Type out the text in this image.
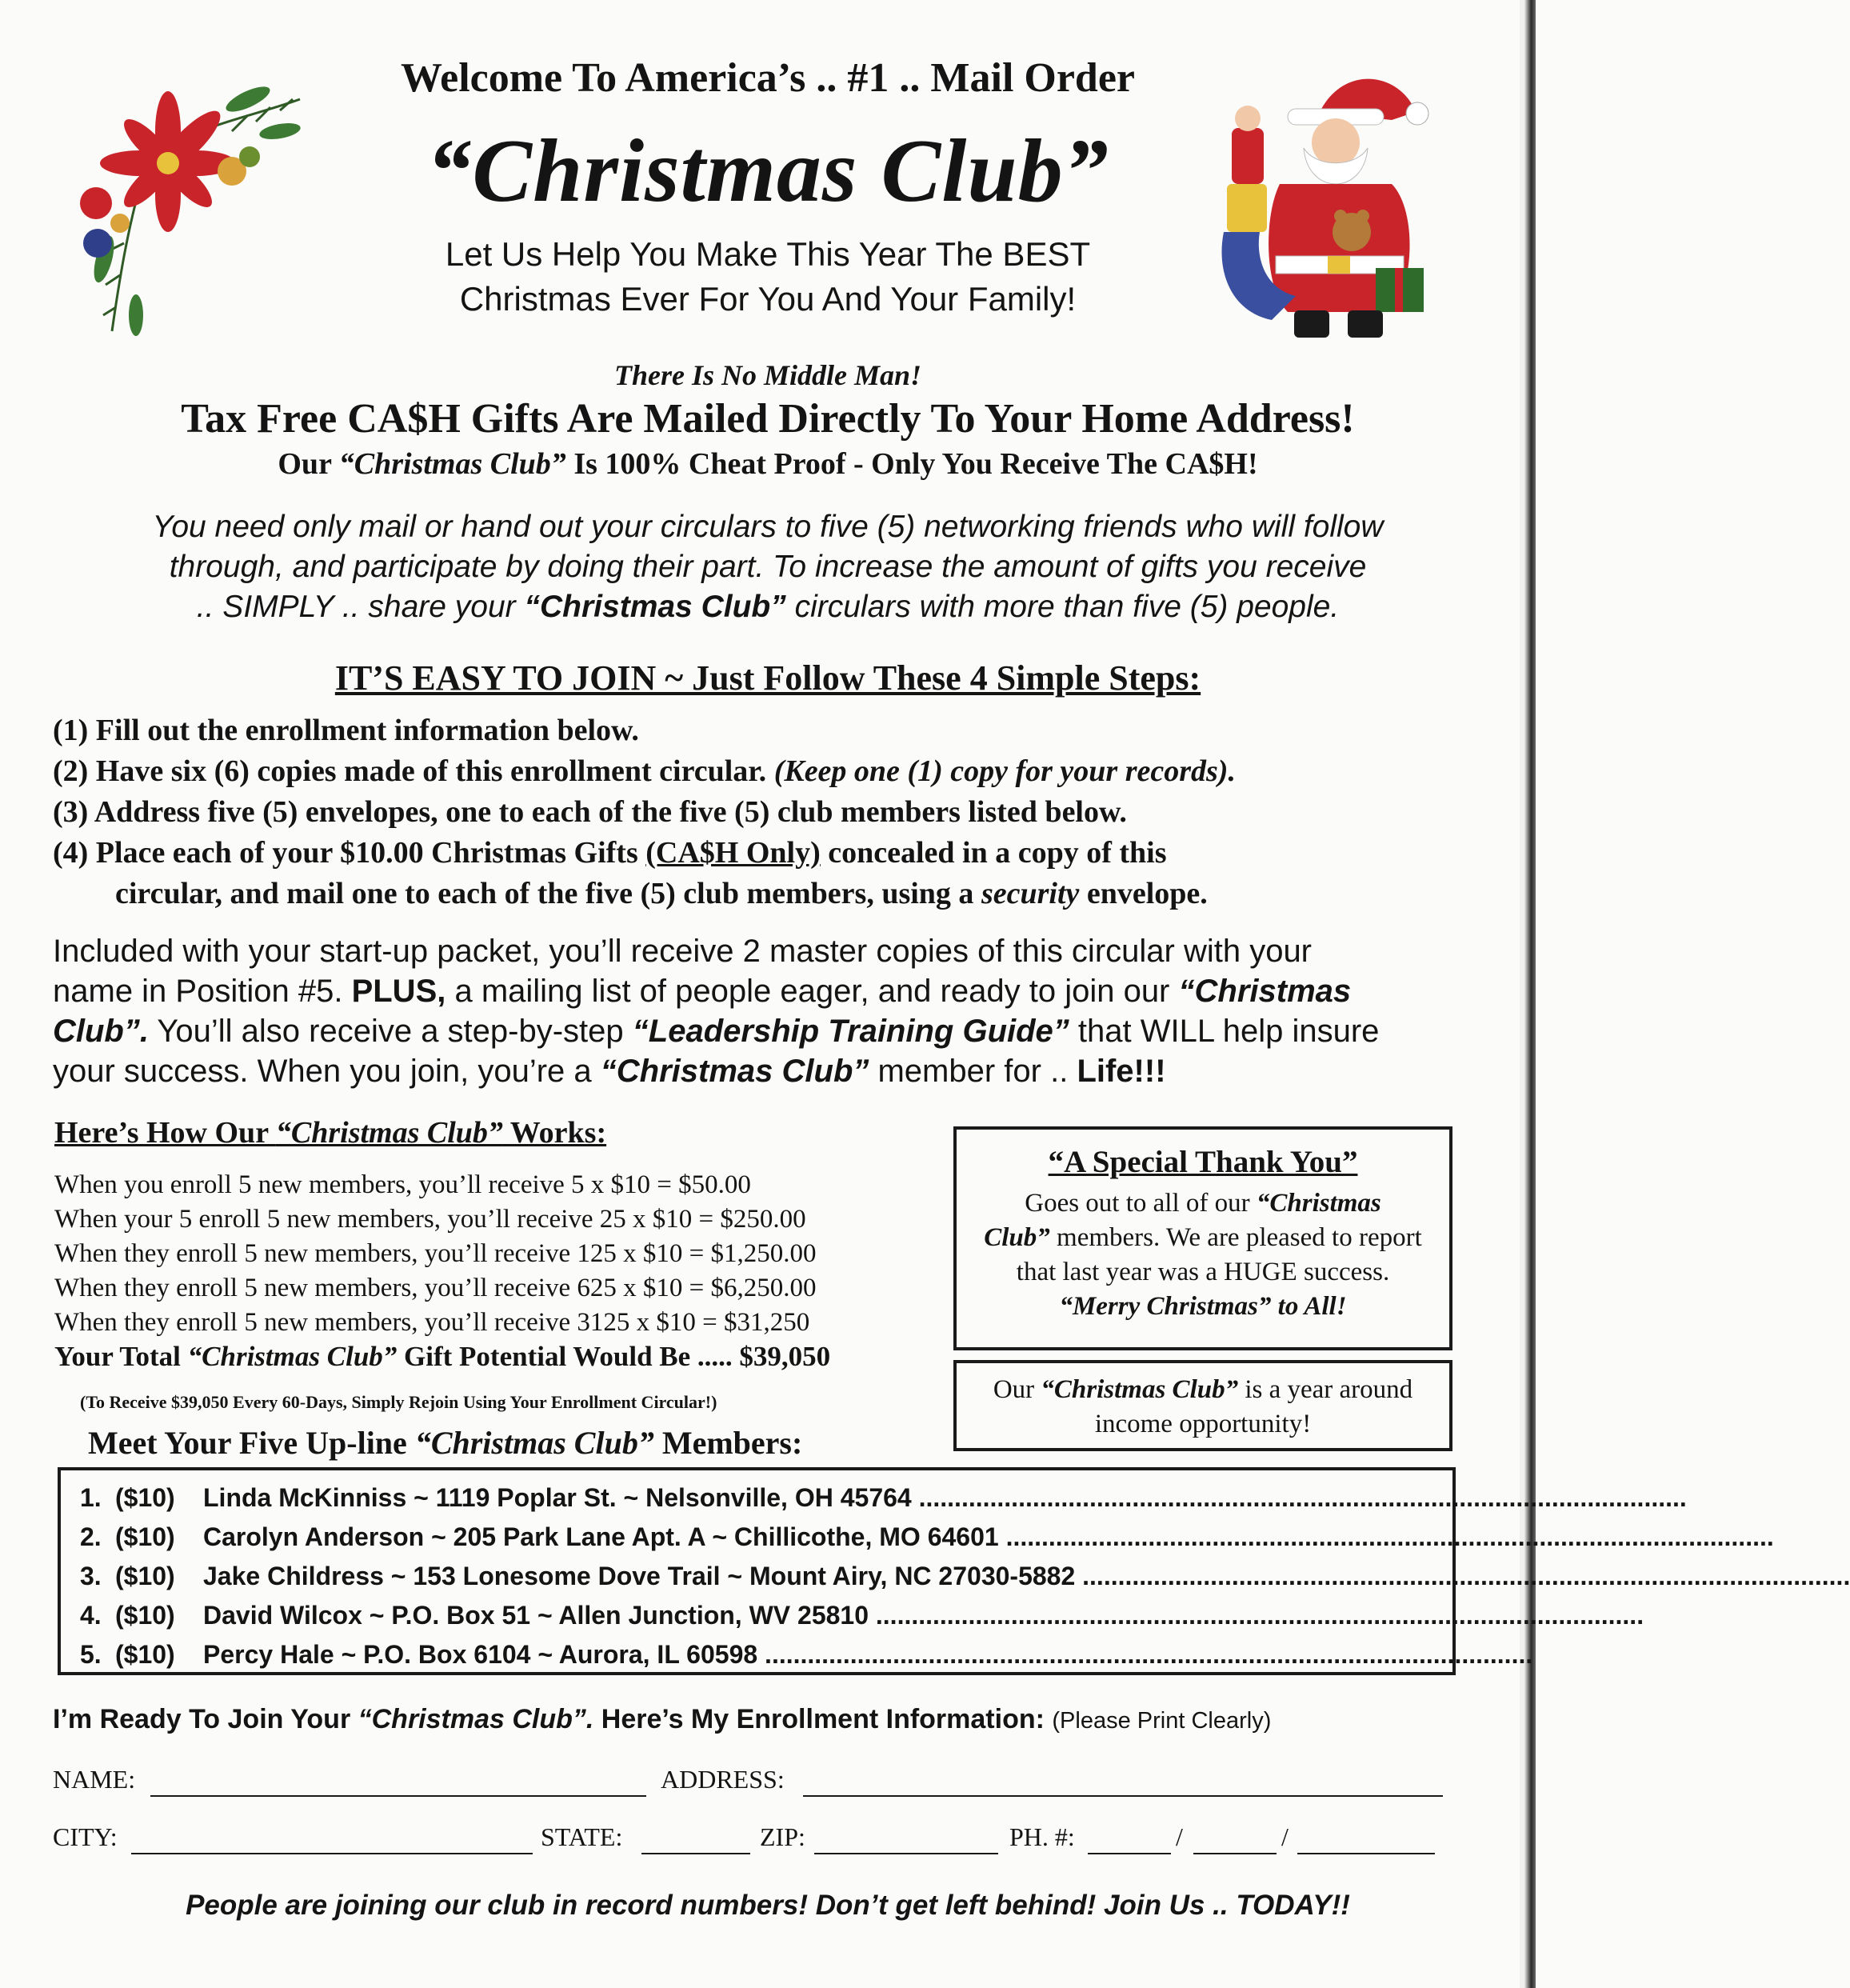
Welcome To America’s .. #1 .. Mail Order
“Christmas Club”
Let Us Help You Make This Year The BEST
Christmas Ever For You And Your Family!
There Is No Middle Man!
Tax Free CA$H Gifts Are Mailed Directly To Your Home Address!
Our “Christmas Club” Is 100% Cheat Proof - Only You Receive The CA$H!
You need only mail or hand out your circulars to five (5) networking friends who will follow
through, and participate by doing their part. To increase the amount of gifts you receive
.. SIMPLY .. share your “Christmas Club” circulars with more than five (5) people.
IT’S EASY TO JOIN ~ Just Follow These 4 Simple Steps:
(1) Fill out the enrollment information below.
(2) Have six (6) copies made of this enrollment circular. (Keep one (1) copy for your records).
(3) Address five (5) envelopes, one to each of the five (5) club members listed below.
(4) Place each of your $10.00 Christmas Gifts (CA$H Only) concealed in a copy of this
circular, and mail one to each of the five (5) club members, using a security envelope.
Included with your start-up packet, you’ll receive 2 master copies of this circular with your
name in Position #5. PLUS, a mailing list of people eager, and ready to join our “Christmas
Club”. You’ll also receive a step-by-step “Leadership Training Guide” that WILL help insure
your success. When you join, you’re a “Christmas Club” member for .. Life!!!
Here’s How Our “Christmas Club” Works:
When you enroll 5 new members, you’ll receive 5 x $10 = $50.00
When your 5 enroll 5 new members, you’ll receive 25 x $10 = $250.00
When they enroll 5 new members, you’ll receive 125 x $10 = $1,250.00
When they enroll 5 new members, you’ll receive 625 x $10 = $6,250.00
When they enroll 5 new members, you’ll receive 3125 x $10 = $31,250
Your Total “Christmas Club” Gift Potential Would Be ..... $39,050
(To Receive $39,050 Every 60-Days, Simply Rejoin Using Your Enrollment Circular!)
Meet Your Five Up-line “Christmas Club” Members:
“A Special Thank You”
Goes out to all of our “Christmas
Club” members. We are pleased to report that last year was a HUGE success. “Merry Christmas” to All!
Our “Christmas Club” is a year around income opportunity!
1. ($10) Linda McKinniss ~ 1119 Poplar St. ~ Nelsonville, OH 45764 ............................................................................................................
2. ($10) Carolyn Anderson ~ 205 Park Lane Apt. A ~ Chillicothe, MO 64601 ............................................................................................................
3. ($10) Jake Childress ~ 153 Lonesome Dove Trail ~ Mount Airy, NC 27030-5882 ............................................................................................................
4. ($10) David Wilcox ~ P.O. Box 51 ~ Allen Junction, WV 25810 ............................................................................................................
5. ($10) Percy Hale ~ P.O. Box 6104 ~ Aurora, IL 60598 ............................................................................................................
I’m Ready To Join Your “Christmas Club”. Here’s My Enrollment Information: (Please Print Clearly)
NAME:	ADDRESS:
CITY:	STATE:	ZIP:	PH. #:	/	/
People are joining our club in record numbers! Don’t get left behind! Join Us .. TODAY!!
